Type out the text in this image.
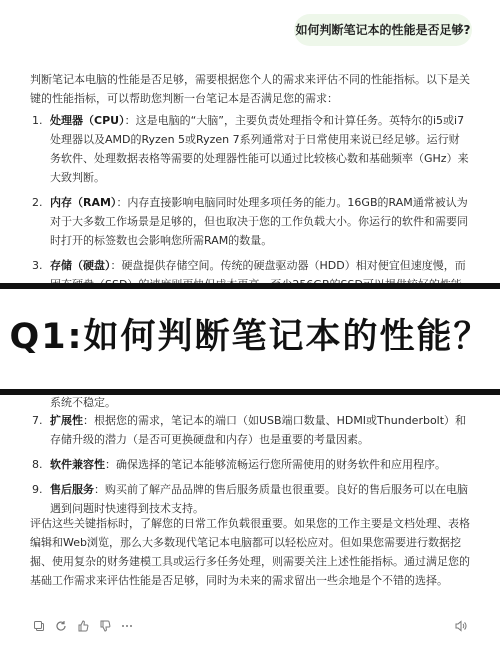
如何判断笔记本的性能是否足够?
判断笔记本电脑的性能是否足够，需要根据您个人的需求来评估不同的性能指标。以下是关键的性能指标，可以帮助您判断一台笔记本是否满足您的需求：
1. 处理器（CPU）：这是电脑的“大脑”，主要负责处理指令和计算任务。英特尔的i5或i7处理器以及AMD的Ryzen 5或Ryzen 7系列通常对于日常使用来说已经足够。运行财务软件、处理数据表格等需要的处理器性能可以通过比较核心数和基础频率（GHz）来大致判断。
2. 内存（RAM）：内存直接影响电脑同时处理多项任务的能力。16GB的RAM通常被认为对于大多数工作场景是足够的，但也取决于您的工作负载大小。你运行的软件和需要同时打开的标签数也会影响您所需RAM的数量。
3. 存储（硬盘）：硬盘提供存储空间。传统的硬盘驱动器（HDD）相对便宜但速度慢，而
Q1:如何判断笔记本的性能？
系统不稳定。
7. 扩展性：根据您的需求，笔记本的端口（如USB端口数量、HDMI或Thunderbolt）和存储升级的潜力（是否可更换硬盘和内存）也是重要的考量因素。
8. 软件兼容性：确保选择的笔记本能够流畅运行您所需使用的财务软件和应用程序。
9. 售后服务：购买前了解产品品牌的售后服务质量也很重要。良好的售后服务可以在电脑遇到问题时快速得到技术支持。
评估这些关键指标时，了解您的日常工作负载很重要。如果您的工作主要是文档处理、表格编辑和Web浏览，那么大多数现代笔记本电脑都可以轻松应对。但如果您需要进行数据挖掘、使用复杂的财务建模工具或运行多任务处理，则需要关注上述性能指标。通过满足您的基础工作需求来评估性能是否足够，同时为未来的需求留出一些余地是个不错的选择。
